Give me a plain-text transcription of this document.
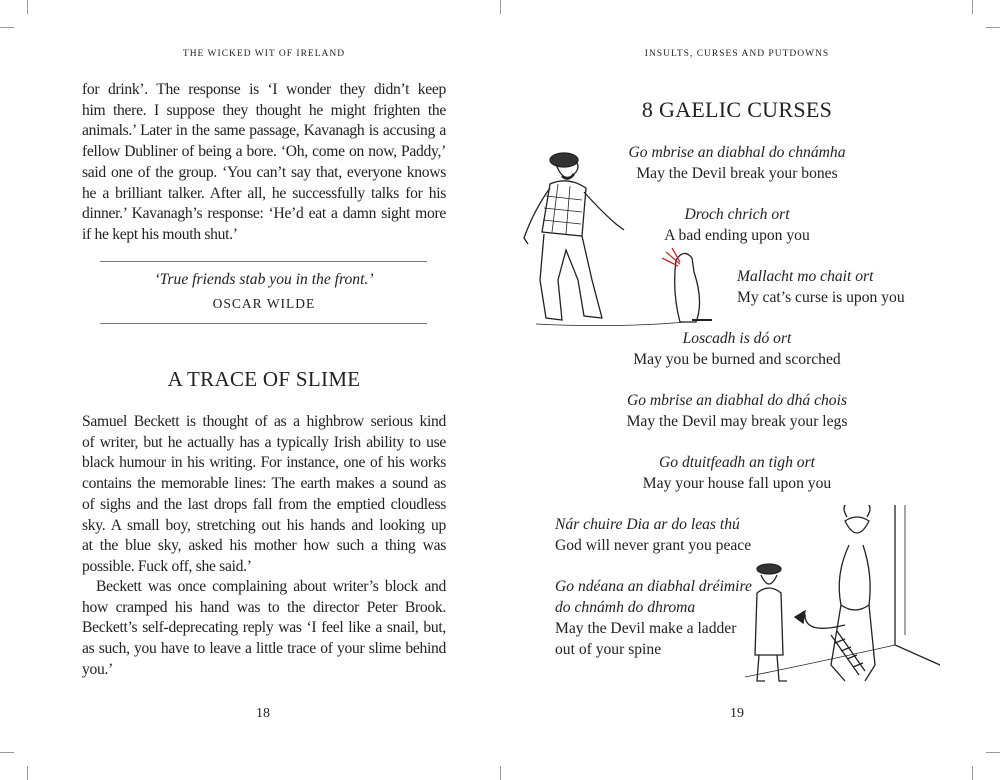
THE WICKED WIT OF IRELAND
for drink’. The response is ‘I wonder they didn’t keep
him there. I suppose they thought he might frighten the
animals.’ Later in the same passage, Kavanagh is accusing a
fellow Dubliner of being a bore. ‘Oh, come on now, Paddy,’
said one of the group. ‘You can’t say that, everyone knows
he a brilliant talker. After all, he successfully talks for his
dinner.’ Kavanagh’s response: ‘He’d eat a damn sight more
if he kept his mouth shut.’
‘True friends stab you in the front.’
OSCAR WILDE
A TRACE OF SLIME
Samuel Beckett is thought of as a highbrow serious kind
of writer, but he actually has a typically Irish ability to use
black humour in his writing. For instance, one of his works
contains the memorable lines: The earth makes a sound as
of sighs and the last drops fall from the emptied cloudless
sky. A small boy, stretching out his hands and looking up
at the blue sky, asked his mother how such a thing was
possible. Fuck off, she said.’
Beckett was once complaining about writer’s block and
how cramped his hand was to the director Peter Brook.
Beckett’s self-deprecating reply was ‘I feel like a snail, but,
as such, you have to leave a little trace of your slime behind
you.’
18
INSULTS, CURSES AND PUTDOWNS
8 GAELIC CURSES
Go mbrise an diabhal do chnámha
May the Devil break your bones
Droch chrich ort
A bad ending upon you
Mallacht mo chait ort
My cat’s curse is upon you
Loscadh is dó ort
May you be burned and scorched
Go mbrise an diabhal do dhá chois
May the Devil may break your legs
Go dtuitfeadh an tigh ort
May your house fall upon you
Nár chuire Dia ar do leas thú
God will never grant you peace
Go ndéana an diabhal dréimire
do chnámh do dhroma
May the Devil make a ladder
out of your spine
19
